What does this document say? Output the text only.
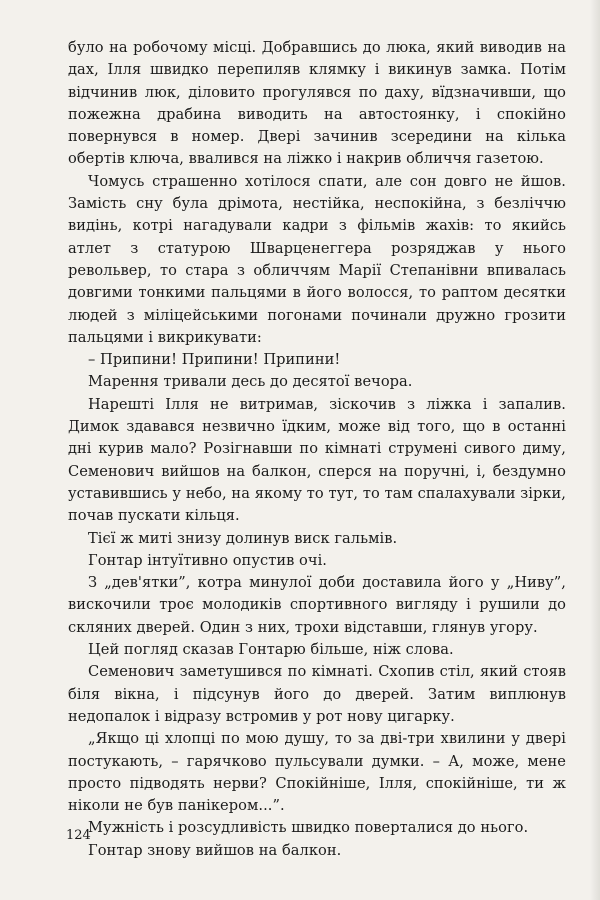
було на робочому місці. Добравшись до люка, який виводив на дах, Ілля швидко перепиляв клямку і викинув замка. Потім відчинив люк, діловито прогулявся по даху, вїдзначивши, що пожежна драбина виводить на автостоянку, і спокійно повернувся в номер. Двері зачинив зсередини на кілька обертів ключа, ввалився на ліжко і накрив обличчя газетою.

Чомусь страшенно хотілося спати, але сон довго не йшов. Замість сну була дрімота, нестійка, неспокійна, з безліччю видінь, котрі нагадували кадри з фільмів жахів: то якийсь атлет з статурою Шварценеггера розряджав у нього револьвер, то стара з обличчям Марії Степанівни впивалась довгими тонкими пальцями в його волосся, то раптом десятки людей з міліцейськими погонами починали дружно грозити пальцями і викрикувати:

– Припини! Припини! Припини!

Марення тривали десь до десятої вечора.

Нарешті Ілля не витримав, зіскочив з ліжка і запалив. Димок здавався незвично їдким, може від того, що в останні дні курив мало? Розігнавши по кімнаті струмені сивого диму, Семенович вийшов на балкон, сперся на поручні, і, бездумно уставившись у небо, на якому то тут, то там спалахували зірки, почав пускати кільця.

Тієї ж миті знизу долинув виск гальмів.

Гонтар інтуїтивно опустив очі.

З „дев'ятки”, котра минулої доби доставила його у „Ниву”, вискочили троє молодиків спортивного вигляду і рушили до скляних дверей. Один з них, трохи відставши, глянув угору.

Цей погляд сказав Гонтарю більше, ніж слова.

Семенович заметушився по кімнаті. Схопив стіл, який стояв біля вікна, і підсунув його до дверей. Затим виплюнув недопалок і відразу встромив у рот нову цигарку.

„Якщо ці хлопці по мою душу, то за дві-три хвилини у двері постукають, – гарячково пульсували думки. – А, може, мене просто підводять нерви? Спокійніше, Ілля, спокійніше, ти ж ніколи не був панікером...”.

Мужність і розсудливість швидко поверталися до нього.

Гонтар знову вийшов на балкон.

124
